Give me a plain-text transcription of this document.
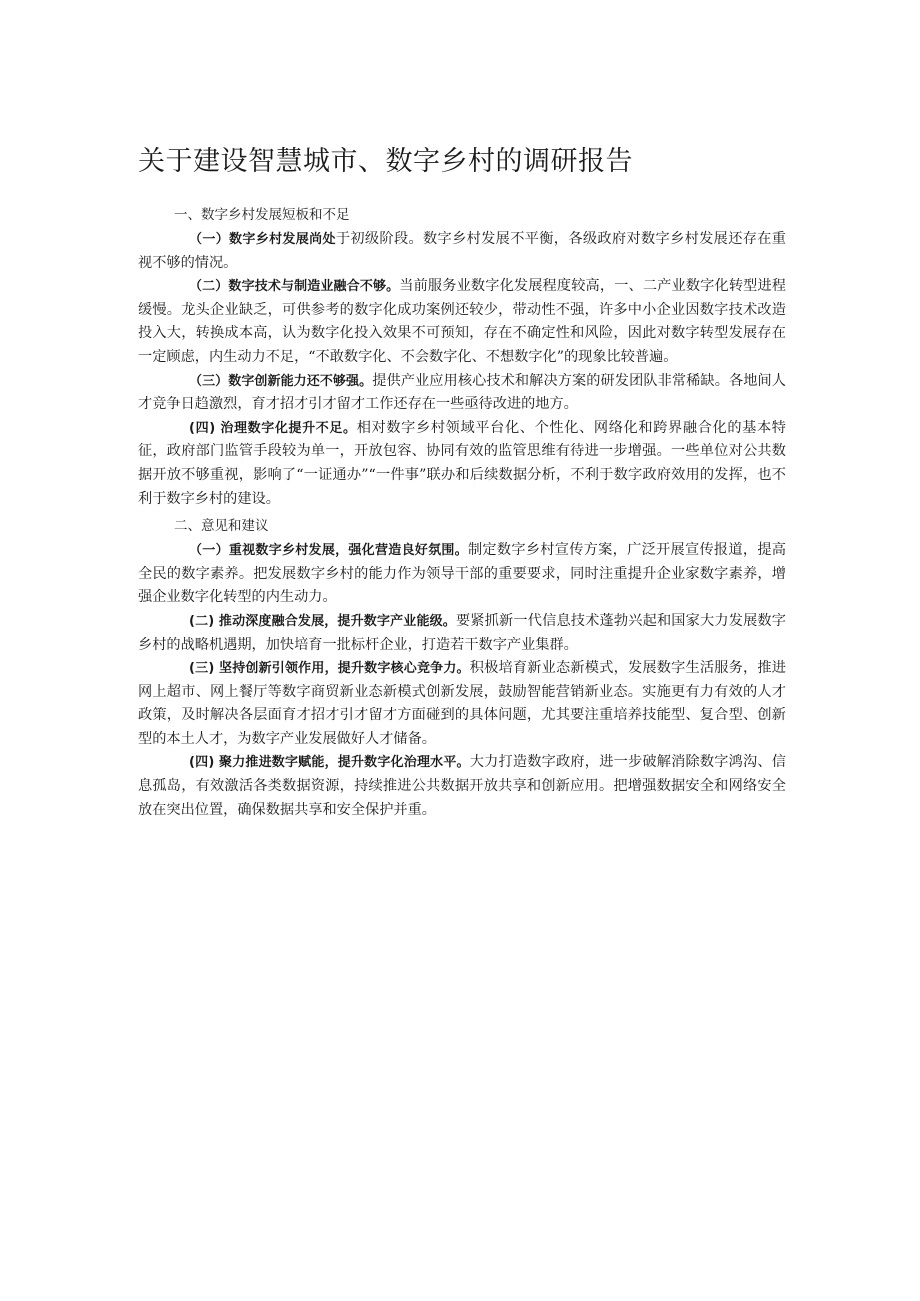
关于建设智慧城市、数字乡村的调研报告

一、数字乡村发展短板和不足

（一）数字乡村发展尚处于初级阶段。数字乡村发展不平衡，各级政府对数字乡村发展还存在重视不够的情况。

（二）数字技术与制造业融合不够。当前服务业数字化发展程度较高，一、二产业数字化转型进程缓慢。龙头企业缺乏，可供参考的数字化成功案例还较少，带动性不强，许多中小企业因数字技术改造投入大，转换成本高，认为数字化投入效果不可预知，存在不确定性和风险，因此对数字转型发展存在一定顾虑，内生动力不足，“不敢数字化、不会数字化、不想数字化”的现象比较普遍。

（三）数字创新能力还不够强。提供产业应用核心技术和解决方案的研发团队非常稀缺。各地间人才竞争日趋激烈，育才招才引才留才工作还存在一些亟待改进的地方。

(四) 治理数字化提升不足。相对数字乡村领域平台化、个性化、网络化和跨界融合化的基本特征，政府部门监管手段较为单一，开放包容、协同有效的监管思维有待进一步增强。一些单位对公共数据开放不够重视，影响了“一证通办”“一件事”联办和后续数据分析，不利于数字政府效用的发挥，也不利于数字乡村的建设。

二、意见和建议

（一）重视数字乡村发展，强化营造良好氛围。制定数字乡村宣传方案，广泛开展宣传报道，提高全民的数字素养。把发展数字乡村的能力作为领导干部的重要要求，同时注重提升企业家数字素养，增强企业数字化转型的内生动力。

(二) 推动深度融合发展，提升数字产业能级。要紧抓新一代信息技术蓬勃兴起和国家大力发展数字乡村的战略机遇期，加快培育一批标杆企业，打造若干数字产业集群。

(三) 坚持创新引领作用，提升数字核心竞争力。积极培育新业态新模式，发展数字生活服务，推进网上超市、网上餐厅等数字商贸新业态新模式创新发展，鼓励智能营销新业态。实施更有力有效的人才政策，及时解决各层面育才招才引才留才方面碰到的具体问题，尤其要注重培养技能型、复合型、创新型的本土人才，为数字产业发展做好人才储备。

(四) 聚力推进数字赋能，提升数字化治理水平。大力打造数字政府，进一步破解消除数字鸿沟、信息孤岛，有效激活各类数据资源，持续推进公共数据开放共享和创新应用。把增强数据安全和网络安全放在突出位置，确保数据共享和安全保护并重。
